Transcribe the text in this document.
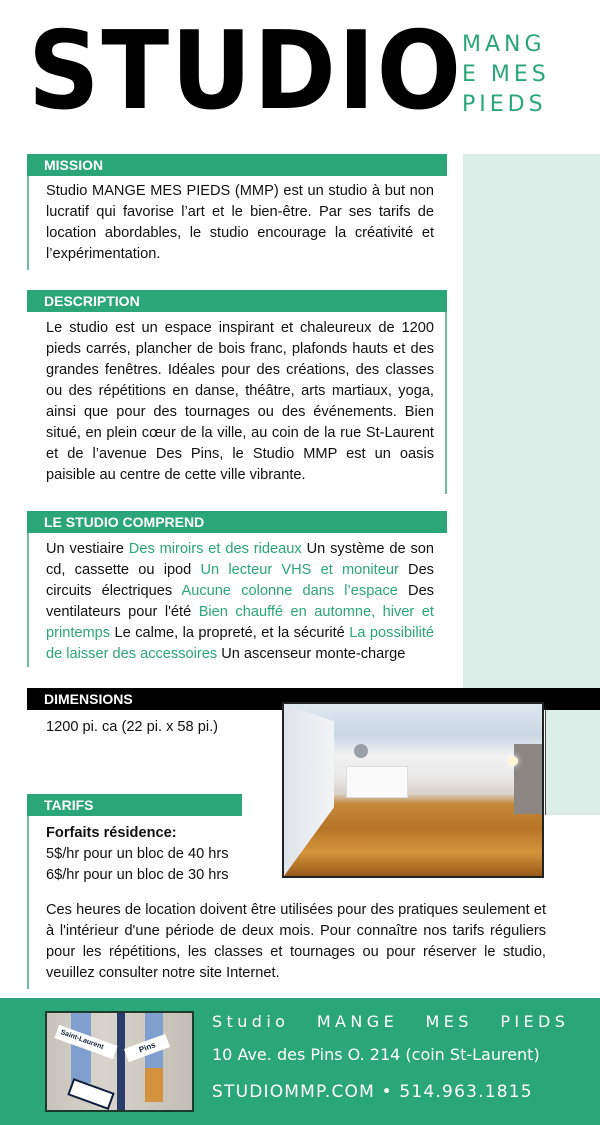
STUDIO MANG
E MES
PIEDS
MISSION
Studio MANGE MES PIEDS (MMP) est un studio à but non lucratif qui favorise l’art et le bien-être. Par ses tarifs de location abordables, le studio encourage la créativité et l’expérimentation.
DESCRIPTION
Le studio est un espace inspirant et chaleureux de 1200 pieds carrés, plancher de bois franc, plafonds hauts et des grandes fenêtres. Idéales pour des créations, des classes ou des répétitions en danse, théâtre, arts martiaux, yoga, ainsi que pour des tournages ou des événements. Bien situé, en plein cœur de la ville, au coin de la rue St-Laurent et de l’avenue Des Pins, le Studio MMP est un oasis paisible au centre de cette ville vibrante.
LE STUDIO COMPREND
Un vestiaire Des miroirs et des rideaux Un système de son cd, cassette ou ipod Un lecteur VHS et moniteur Des circuits électriques Aucune colonne dans l’espace Des ventilateurs pour l'été Bien chauffé en automne, hiver et printemps Le calme, la propreté, et la sécurité La possibilité de laisser des accessoires Un ascenseur monte-charge
DIMENSIONS
1200 pi. ca (22 pi. x 58 pi.)
TARIFS
Forfaits résidence:
5$/hr pour un bloc de 40 hrs
6$/hr pour un bloc de 30 hrs
Ces heures de location doivent être utilisées pour des pratiques seulement et à l'intérieur d'une période de deux mois. Pour connaître nos tarifs réguliers pour les répétitions, les classes et tournages ou pour réserver le studio, veuillez consulter notre site Internet.
Saint-Laurent	Pins
Studio MANGE MES PIEDS
10 Ave. des Pins O. 214 (coin St-Laurent)
STUDIOMMP.COM • 514.963.1815
